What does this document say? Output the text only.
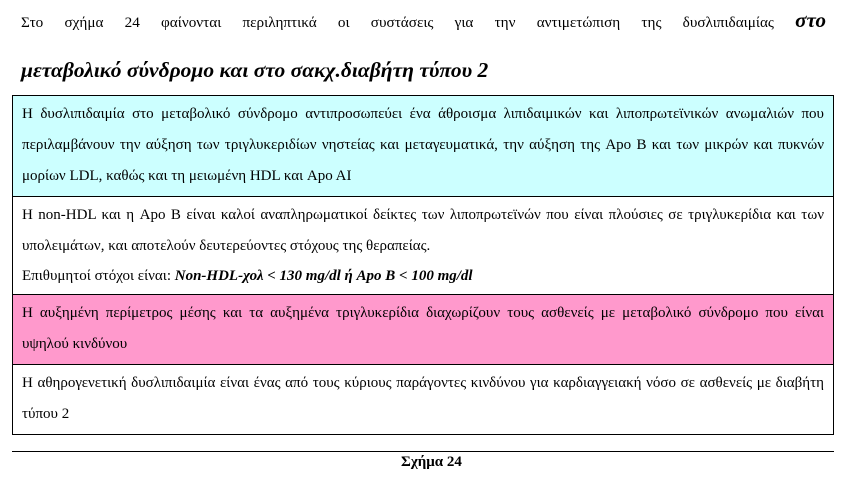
Στο σχήμα 24 φαίνονται περιληπτικά οι συστάσεις για την αντιμετώπιση της δυσλιπιδαιμίας στο
μεταβολικό σύνδρομο και στο σακχ.διαβήτη τύπου 2
Η δυσλιπιδαιμία στο μεταβολικό σύνδρομο αντιπροσωπεύει ένα άθροισμα λιπιδαιμικών και λιποπρωτεϊνικών ανωμαλιών που περιλαμβάνουν την αύξηση των τριγλυκεριδίων νηστείας και μεταγευματικά, την αύξηση της Apo B και των μικρών και πυκνών μορίων LDL, καθώς και τη μειωμένη HDL και Apo AI

Η non-HDL και η Apo B είναι καλοί αναπληρωματικοί δείκτες των λιποπρωτεϊνών που είναι πλούσιες σε τριγλυκερίδια και των υπολειμάτων, και αποτελούν δευτερεύοντες στόχους της θεραπείας.
Επιθυμητοί στόχοι είναι: Non-HDL-χολ < 130 mg/dl ή Apo B < 100 mg/dl

Η αυξημένη περίμετρος μέσης και τα αυξημένα τριγλυκερίδια διαχωρίζουν τους ασθενείς με μεταβολικό σύνδρομο που είναι υψηλού κινδύνου
Η αθηρογενετική δυσλιπιδαιμία είναι ένας από τους κύριους παράγοντες κινδύνου για καρδιαγγειακή νόσο σε ασθενείς με διαβήτη τύπου 2
Σχήμα 24
